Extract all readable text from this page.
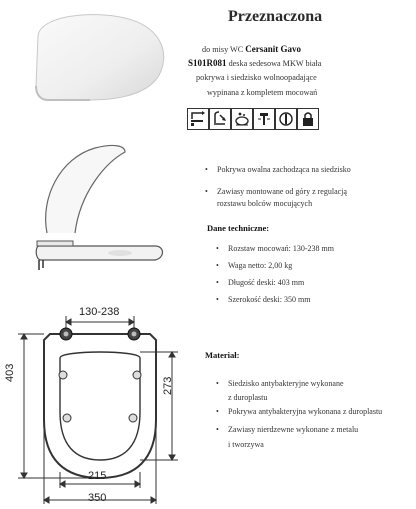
Przeznaczona
do misy WC Cersanit Gavo
S101R081 deska sedesowa MKW biała
pokrywa i siedzisko wolnoopadające
wypinana z kompletem mocowań
• Pokrywa owalna zachodząca na siedzisko
• Zawiasy montowane od góry z regulacją
rozstawu bolców mocujących
Dane techniczne:
• Rozstaw mocowań: 130-238 mm
• Waga netto: 2,00 kg
• Długość deski: 403 mm
• Szerokość deski: 350 mm
Materiał:
• Siedzisko antybakteryjne wykonane
z duroplastu
• Pokrywa antybakteryjna wykonana z duroplastu
• Zawiasy nierdzewne wykonane z metalu
i tworzywa
130-238
403
273
215
350
